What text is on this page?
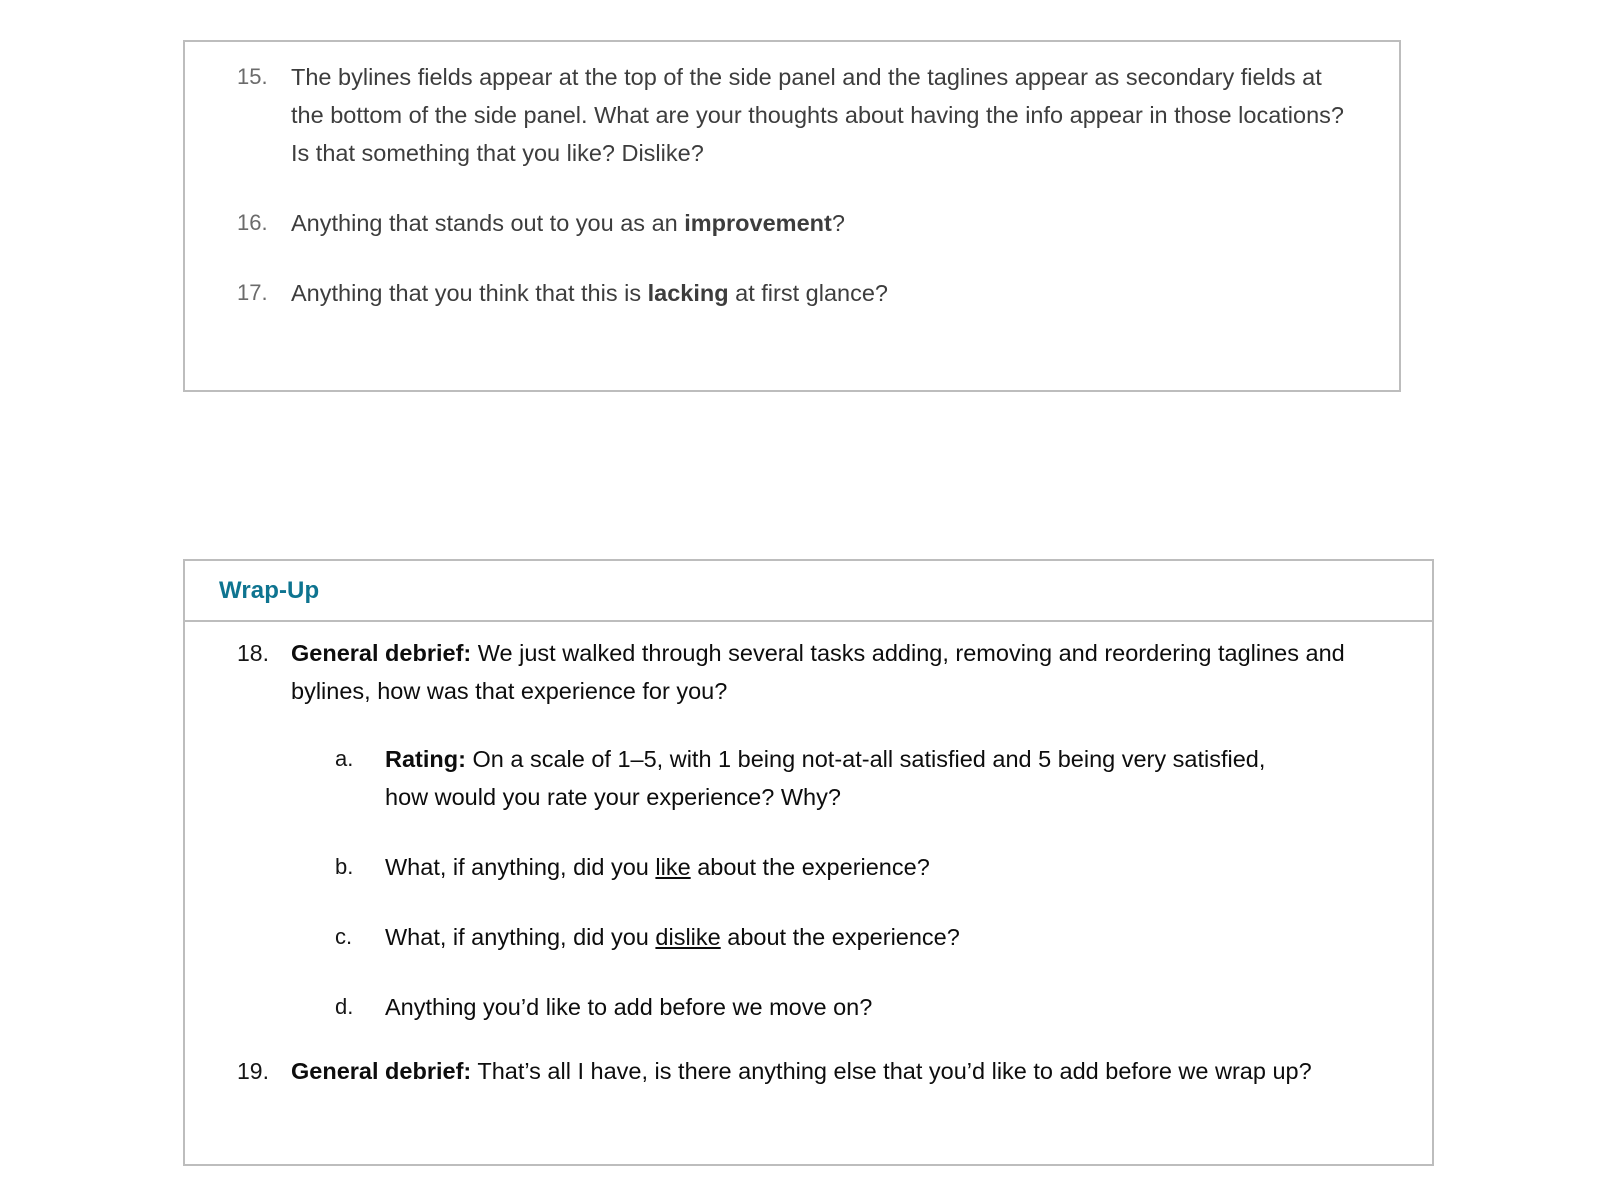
15. The bylines fields appear at the top of the side panel and the taglines appear as secondary fields at the bottom of the side panel. What are your thoughts about having the info appear in those locations? Is that something that you like? Dislike?
16. Anything that stands out to you as an improvement?
17. Anything that you think that this is lacking at first glance?
Wrap-Up
18. General debrief: We just walked through several tasks adding, removing and reordering taglines and bylines, how was that experience for you?
a.	Rating: On a scale of 1–5, with 1 being not-at-all satisfied and 5 being very satisfied, how would you rate your experience? Why?
b.	What, if anything, did you like about the experience?
c.	What, if anything, did you dislike about the experience?
d.	Anything you’d like to add before we move on?
19. General debrief: That’s all I have, is there anything else that you’d like to add before we wrap up?
